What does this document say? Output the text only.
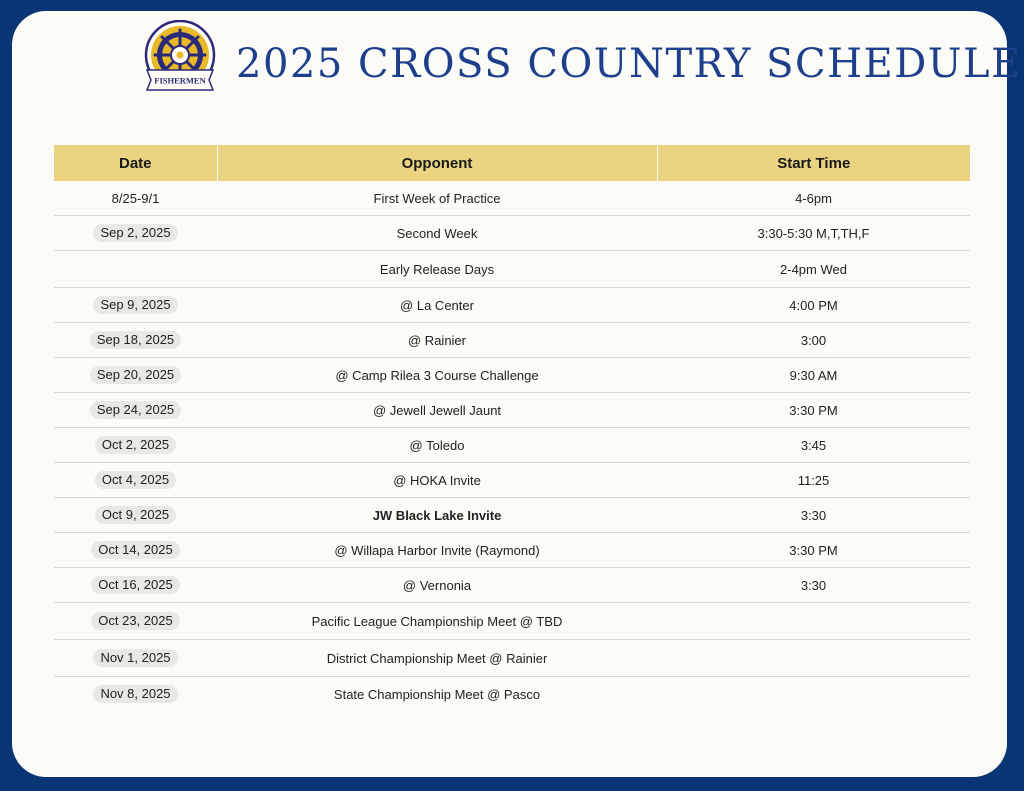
FISHERMEN 2025 CROSS COUNTRY SCHEDULE
Date	Opponent	Start Time
8/25-9/1	First Week of Practice	4-6pm
Sep 2, 2025	Second Week	3:30-5:30 M,T,TH,F
	Early Release Days	2-4pm Wed
Sep 9, 2025	@ La Center	4:00 PM
Sep 18, 2025	@ Rainier	3:00
Sep 20, 2025	@ Camp Rilea 3 Course Challenge	9:30 AM
Sep 24, 2025	@ Jewell Jewell Jaunt	3:30 PM
Oct 2, 2025	@ Toledo	3:45
Oct 4, 2025	@ HOKA Invite	11:25
Oct 9, 2025	JW Black Lake Invite	3:30
Oct 14, 2025	@ Willapa Harbor Invite (Raymond)	3:30 PM
Oct 16, 2025	@ Vernonia	3:30
Oct 23, 2025	Pacific League Championship Meet @ TBD	
Nov 1, 2025	District Championship Meet @ Rainier	
Nov 8, 2025	State Championship Meet @ Pasco	
